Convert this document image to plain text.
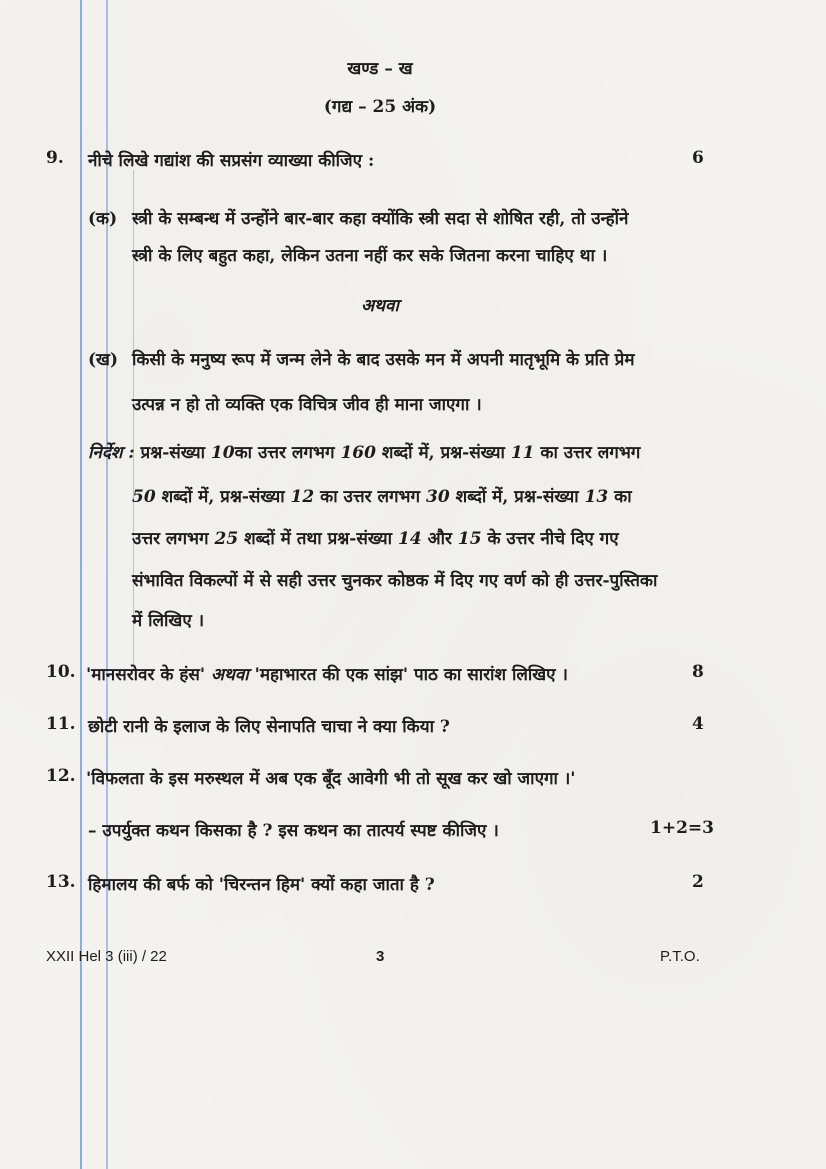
खण्ड – ख
(गद्य – 25 अंक)
9. नीचे लिखे गद्यांश की सप्रसंग व्याख्या कीजिए :	6
(क) स्त्री के सम्बन्ध में उन्होंने बार-बार कहा क्योंकि स्त्री सदा से शोषित रही, तो उन्होंने
स्त्री के लिए बहुत कहा, लेकिन उतना नहीं कर सके जितना करना चाहिए था ।
अथवा
(ख) किसी के मनुष्य रूप में जन्म लेने के बाद उसके मन में अपनी मातृभूमि के प्रति प्रेम
उत्पन्न न हो तो व्यक्ति एक विचित्र जीव ही माना जाएगा ।
निर्देश : प्रश्न-संख्या 10का उत्तर लगभग 160 शब्दों में, प्रश्न-संख्या 11 का उत्तर लगभग
50 शब्दों में, प्रश्न-संख्या 12 का उत्तर लगभग 30 शब्दों में, प्रश्न-संख्या 13 का
उत्तर लगभग 25 शब्दों में तथा प्रश्न-संख्या 14 और 15 के उत्तर नीचे दिए गए
संभावित विकल्पों में से सही उत्तर चुनकर कोष्ठक में दिए गए वर्ण को ही उत्तर-पुस्तिका
में लिखिए ।
10. 'मानसरोवर के हंस' अथवा 'महाभारत की एक सांझ' पाठ का सारांश लिखिए ।	8
11. छोटी रानी के इलाज के लिए सेनापति चाचा ने क्या किया ?	4
12. 'विफलता के इस मरुस्थल में अब एक बूँद आवेगी भी तो सूख कर खो जाएगा ।'
– उपर्युक्त कथन किसका है ? इस कथन का तात्पर्य स्पष्ट कीजिए ।	1+2=3
13. हिमालय की बर्फ को 'चिरन्तन हिम' क्यों कहा जाता है ?	2
XXII Hel 3 (iii) / 22	3	P.T.O.
